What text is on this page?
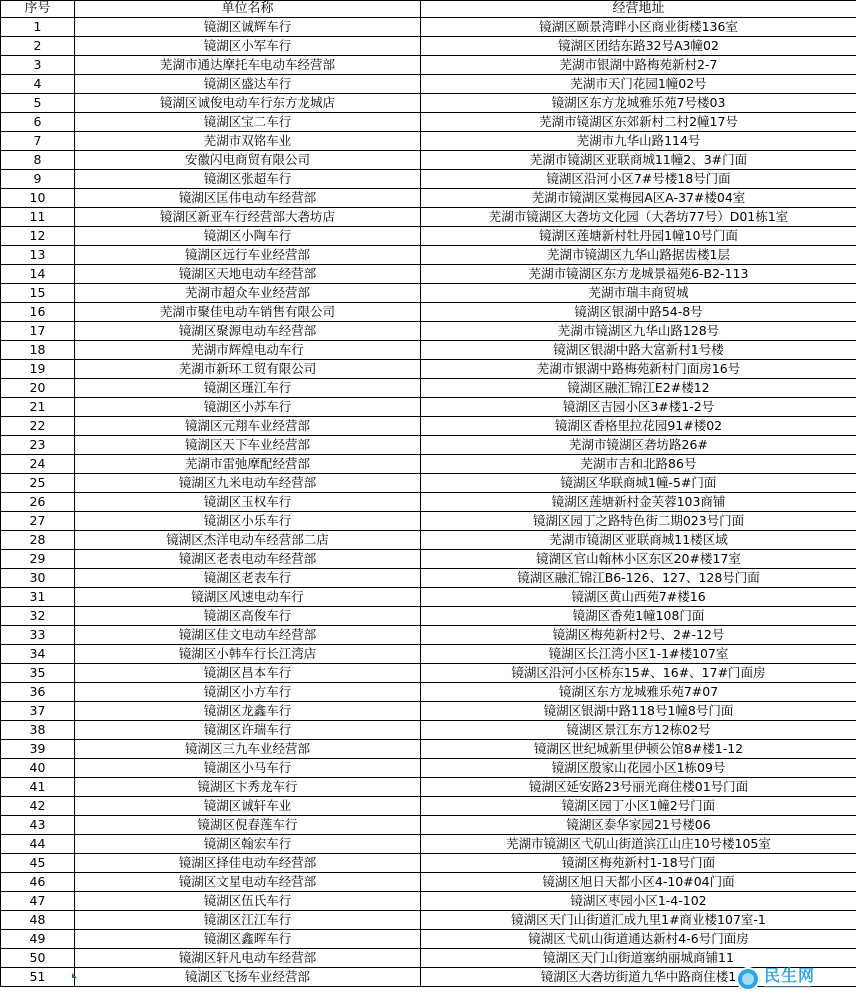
序号	单位名称	经营地址
1	镜湖区诚辉车行	镜湖区颐景湾畔小区商业街楼136室
2	镜湖区小军车行	镜湖区团结东路32号A3幢02
3	芜湖市通达摩托车电动车经营部	芜湖市银湖中路梅苑新村2-7
4	镜湖区盛达车行	芜湖市天门花园1幢02号
5	镜湖区诚俊电动车行东方龙城店	镜湖区东方龙城雅乐苑7号楼03
6	镜湖区宝二车行	芜湖市镜湖区东郊新村二村2幢17号
7	芜湖市双铭车业	芜湖市九华山路114号
8	安徽闪电商贸有限公司	芜湖市镜湖区亚联商城11幢2、3#门面
9	镜湖区张超车行	镜湖区沿河小区7#号楼18号门面
10	镜湖区匡伟电动车经营部	芜湖市镜湖区棠梅园A区A-37#楼04室
11	镜湖区新亚车行经营部大砻坊店	芜湖市镜湖区大砻坊文化园（大砻坊77号）D01栋1室
12	镜湖区小陶车行	镜湖区莲塘新村牡丹园1幢10号门面
13	镜湖区远行车业经营部	芜湖市镜湖区九华山路据齿楼1层
14	镜湖区天地电动车经营部	芜湖市镜湖区东方龙城景福苑6-B2-113
15	芜湖市超众车业经营部	芜湖市瑞丰商贸城
16	芜湖市聚佳电动车销售有限公司	镜湖区银湖中路54-8号
17	镜湖区聚源电动车经营部	芜湖市镜湖区九华山路128号
18	芜湖市辉煌电动车行	镜湖区银湖中路大富新村1号楼
19	芜湖市新环工贸有限公司	芜湖市银湖中路梅苑新村门面房16号
20	镜湖区瑾江车行	镜湖区融汇锦江E2#楼12
21	镜湖区小苏车行	镜湖区吉园小区3#楼1-2号
22	镜湖区元翔车业经营部	镜湖区香格里拉花园91#楼02
23	镜湖区天下车业经营部	芜湖市镜湖区砻坊路26#
24	芜湖市雷弛摩配经营部	芜湖市吉和北路86号
25	镜湖区九米电动车经营部	镜湖区华联商城1幢-5#门面
26	镜湖区玉权车行	镜湖区莲塘新村金芙蓉103商铺
27	镜湖区小乐车行	镜湖区园丁之路特色街二期023号门面
28	镜湖区杰洋电动车经营部二店	芜湖市镜湖区亚联商城11楼区域
29	镜湖区老表电动车经营部	镜湖区官山翰林小区东区20#楼17室
30	镜湖区老表车行	镜湖区融汇锦江B6-126、127、128号门面
31	镜湖区风速电动车行	镜湖区黄山西苑7#楼16
32	镜湖区高俊车行	镜湖区香苑1幢108门面
33	镜湖区佳文电动车经营部	镜湖区梅苑新村2号、2#-12号
34	镜湖区小韩车行长江湾店	镜湖区长江湾小区1-1#楼107室
35	镜湖区昌本车行	镜湖区沿河小区桥东15#、16#、17#门面房
36	镜湖区小方车行	镜湖区东方龙城雅乐苑7#07
37	镜湖区龙鑫车行	镜湖区银湖中路118号1幢8号门面
38	镜湖区许瑞车行	镜湖区景江东方12栋02号
39	镜湖区三九车业经营部	镜湖区世纪城新里伊顿公馆8#楼1-12
40	镜湖区小马车行	镜湖区殷家山花园小区1栋09号
41	镜湖区卞秀龙车行	镜湖区延安路23号丽光商住楼01号门面
42	镜湖区诚轩车业	镜湖区园丁小区1幢2号门面
43	镜湖区倪春莲车行	镜湖区泰华家园21号楼06
44	镜湖区翰宏车行	芜湖市镜湖区弋矶山街道滨江山庄10号楼105室
45	镜湖区择佳电动车经营部	镜湖区梅苑新村1-18号门面
46	镜湖区文星电动车经营部	镜湖区旭日天都小区4-10#04门面
47	镜湖区伍氏车行	镜湖区枣园小区1-4-102
48	镜湖区江江车行	镜湖区天门山街道汇成九里1#商业楼107室-1
49	镜湖区鑫晖车行	镜湖区弋矶山街道通达新村4-6号门面房
50	镜湖区轩凡电动车经营部	镜湖区天门山街道塞纳丽城商铺11
51	镜湖区飞扬车业经营部	镜湖区大砻坊街道九华中路商住楼1 民生网
━━━━━━━━━━━━━
